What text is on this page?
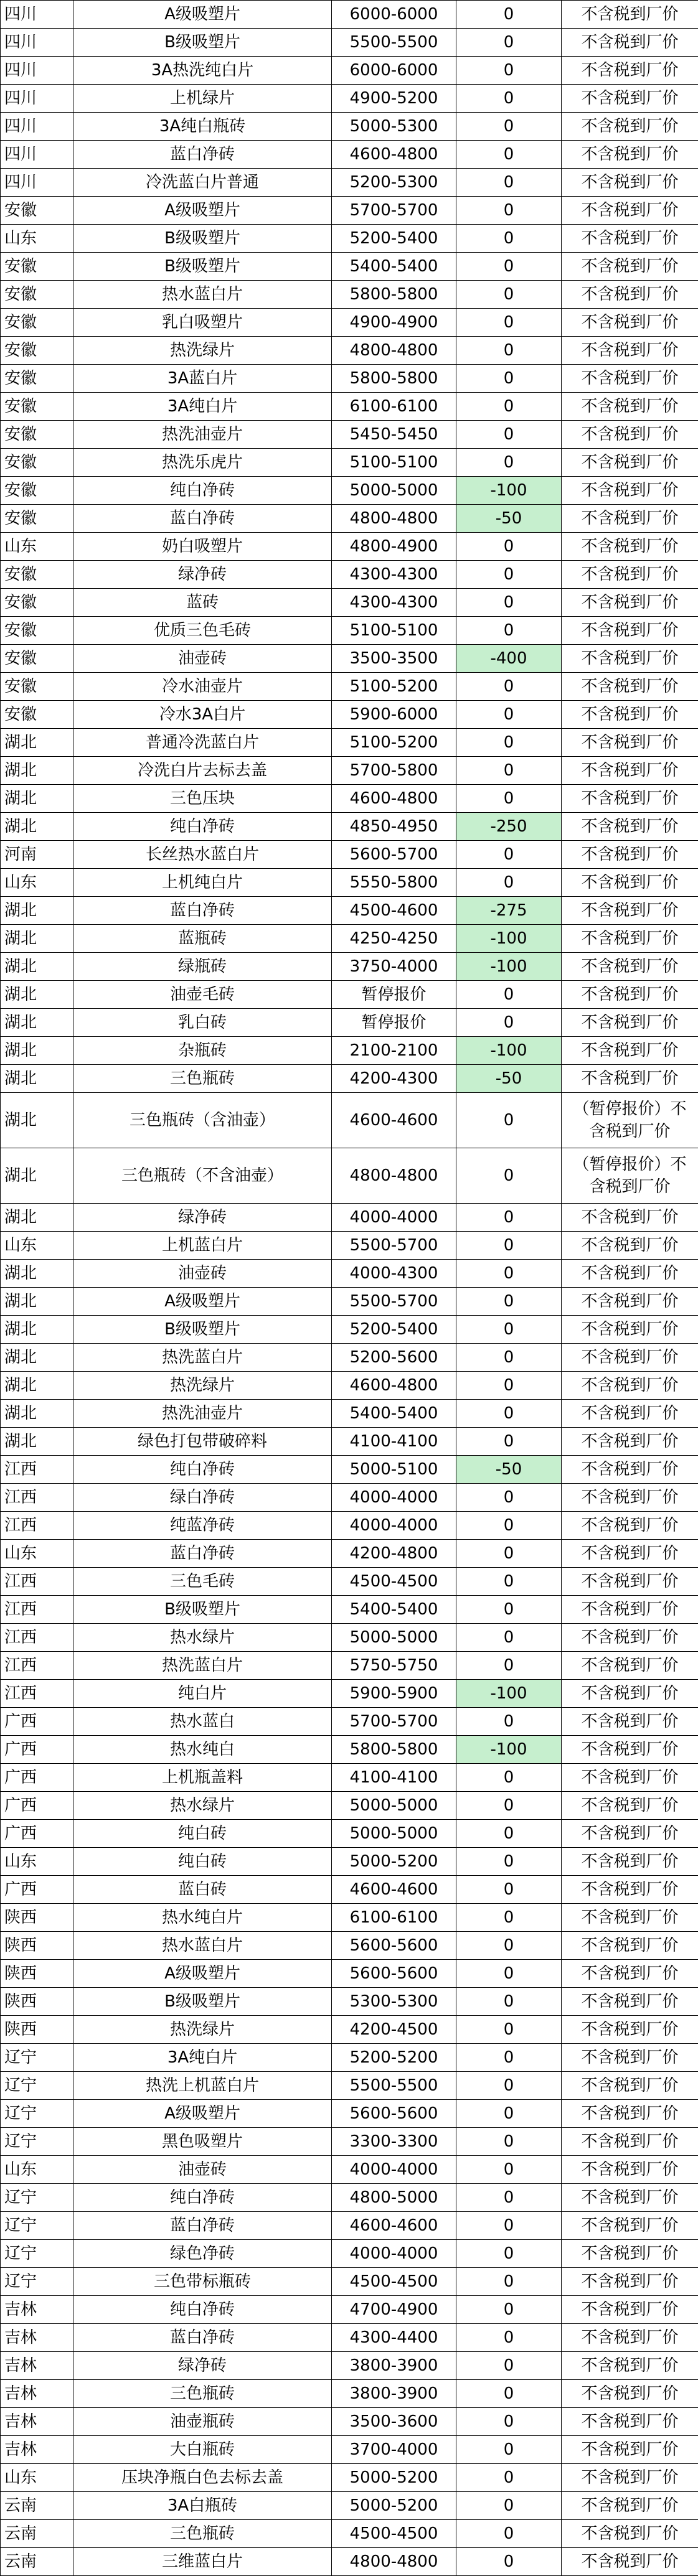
四川	A级吸塑片	6000-6000	0	不含税到厂价
四川	B级吸塑片	5500-5500	0	不含税到厂价
四川	3A热洗纯白片	6000-6000	0	不含税到厂价
四川	上机绿片	4900-5200	0	不含税到厂价
四川	3A纯白瓶砖	5000-5300	0	不含税到厂价
四川	蓝白净砖	4600-4800	0	不含税到厂价
四川	冷洗蓝白片普通	5200-5300	0	不含税到厂价
安徽	A级吸塑片	5700-5700	0	不含税到厂价
山东	B级吸塑片	5200-5400	0	不含税到厂价
安徽	B级吸塑片	5400-5400	0	不含税到厂价
安徽	热水蓝白片	5800-5800	0	不含税到厂价
安徽	乳白吸塑片	4900-4900	0	不含税到厂价
安徽	热洗绿片	4800-4800	0	不含税到厂价
安徽	3A蓝白片	5800-5800	0	不含税到厂价
安徽	3A纯白片	6100-6100	0	不含税到厂价
安徽	热洗油壶片	5450-5450	0	不含税到厂价
安徽	热洗乐虎片	5100-5100	0	不含税到厂价
安徽	纯白净砖	5000-5000	-100	不含税到厂价
安徽	蓝白净砖	4800-4800	-50	不含税到厂价
山东	奶白吸塑片	4800-4900	0	不含税到厂价
安徽	绿净砖	4300-4300	0	不含税到厂价
安徽	蓝砖	4300-4300	0	不含税到厂价
安徽	优质三色毛砖	5100-5100	0	不含税到厂价
安徽	油壶砖	3500-3500	-400	不含税到厂价
安徽	冷水油壶片	5100-5200	0	不含税到厂价
安徽	冷水3A白片	5900-6000	0	不含税到厂价
湖北	普通冷洗蓝白片	5100-5200	0	不含税到厂价
湖北	冷洗白片去标去盖	5700-5800	0	不含税到厂价
湖北	三色压块	4600-4800	0	不含税到厂价
湖北	纯白净砖	4850-4950	-250	不含税到厂价
河南	长丝热水蓝白片	5600-5700	0	不含税到厂价
山东	上机纯白片	5550-5800	0	不含税到厂价
湖北	蓝白净砖	4500-4600	-275	不含税到厂价
湖北	蓝瓶砖	4250-4250	-100	不含税到厂价
湖北	绿瓶砖	3750-4000	-100	不含税到厂价
湖北	油壶毛砖	暂停报价	0	不含税到厂价
湖北	乳白砖	暂停报价	0	不含税到厂价
湖北	杂瓶砖	2100-2100	-100	不含税到厂价
湖北	三色瓶砖	4200-4300	-50	不含税到厂价
湖北	三色瓶砖（含油壶）	4600-4600	0	（暂停报价）不含税到厂价
湖北	三色瓶砖（不含油壶）	4800-4800	0	（暂停报价）不含税到厂价
湖北	绿净砖	4000-4000	0	不含税到厂价
山东	上机蓝白片	5500-5700	0	不含税到厂价
湖北	油壶砖	4000-4300	0	不含税到厂价
湖北	A级吸塑片	5500-5700	0	不含税到厂价
湖北	B级吸塑片	5200-5400	0	不含税到厂价
湖北	热洗蓝白片	5200-5600	0	不含税到厂价
湖北	热洗绿片	4600-4800	0	不含税到厂价
湖北	热洗油壶片	5400-5400	0	不含税到厂价
湖北	绿色打包带破碎料	4100-4100	0	不含税到厂价
江西	纯白净砖	5000-5100	-50	不含税到厂价
江西	绿白净砖	4000-4000	0	不含税到厂价
江西	纯蓝净砖	4000-4000	0	不含税到厂价
山东	蓝白净砖	4200-4800	0	不含税到厂价
江西	三色毛砖	4500-4500	0	不含税到厂价
江西	B级吸塑片	5400-5400	0	不含税到厂价
江西	热水绿片	5000-5000	0	不含税到厂价
江西	热洗蓝白片	5750-5750	0	不含税到厂价
江西	纯白片	5900-5900	-100	不含税到厂价
广西	热水蓝白	5700-5700	0	不含税到厂价
广西	热水纯白	5800-5800	-100	不含税到厂价
广西	上机瓶盖料	4100-4100	0	不含税到厂价
广西	热水绿片	5000-5000	0	不含税到厂价
广西	纯白砖	5000-5000	0	不含税到厂价
山东	纯白砖	5000-5200	0	不含税到厂价
广西	蓝白砖	4600-4600	0	不含税到厂价
陕西	热水纯白片	6100-6100	0	不含税到厂价
陕西	热水蓝白片	5600-5600	0	不含税到厂价
陕西	A级吸塑片	5600-5600	0	不含税到厂价
陕西	B级吸塑片	5300-5300	0	不含税到厂价
陕西	热洗绿片	4200-4500	0	不含税到厂价
辽宁	3A纯白片	5200-5200	0	不含税到厂价
辽宁	热洗上机蓝白片	5500-5500	0	不含税到厂价
辽宁	A级吸塑片	5600-5600	0	不含税到厂价
辽宁	黑色吸塑片	3300-3300	0	不含税到厂价
山东	油壶砖	4000-4000	0	不含税到厂价
辽宁	纯白净砖	4800-5000	0	不含税到厂价
辽宁	蓝白净砖	4600-4600	0	不含税到厂价
辽宁	绿色净砖	4000-4000	0	不含税到厂价
辽宁	三色带标瓶砖	4500-4500	0	不含税到厂价
吉林	纯白净砖	4700-4900	0	不含税到厂价
吉林	蓝白净砖	4300-4400	0	不含税到厂价
吉林	绿净砖	3800-3900	0	不含税到厂价
吉林	三色瓶砖	3800-3900	0	不含税到厂价
吉林	油壶瓶砖	3500-3600	0	不含税到厂价
吉林	大白瓶砖	3700-4000	0	不含税到厂价
山东	压块净瓶白色去标去盖	5000-5200	0	不含税到厂价
云南	3A白瓶砖	5000-5200	0	不含税到厂价
云南	三色瓶砖	4500-4500	0	不含税到厂价
云南	三维蓝白片	4800-4800	0	不含税到厂价
